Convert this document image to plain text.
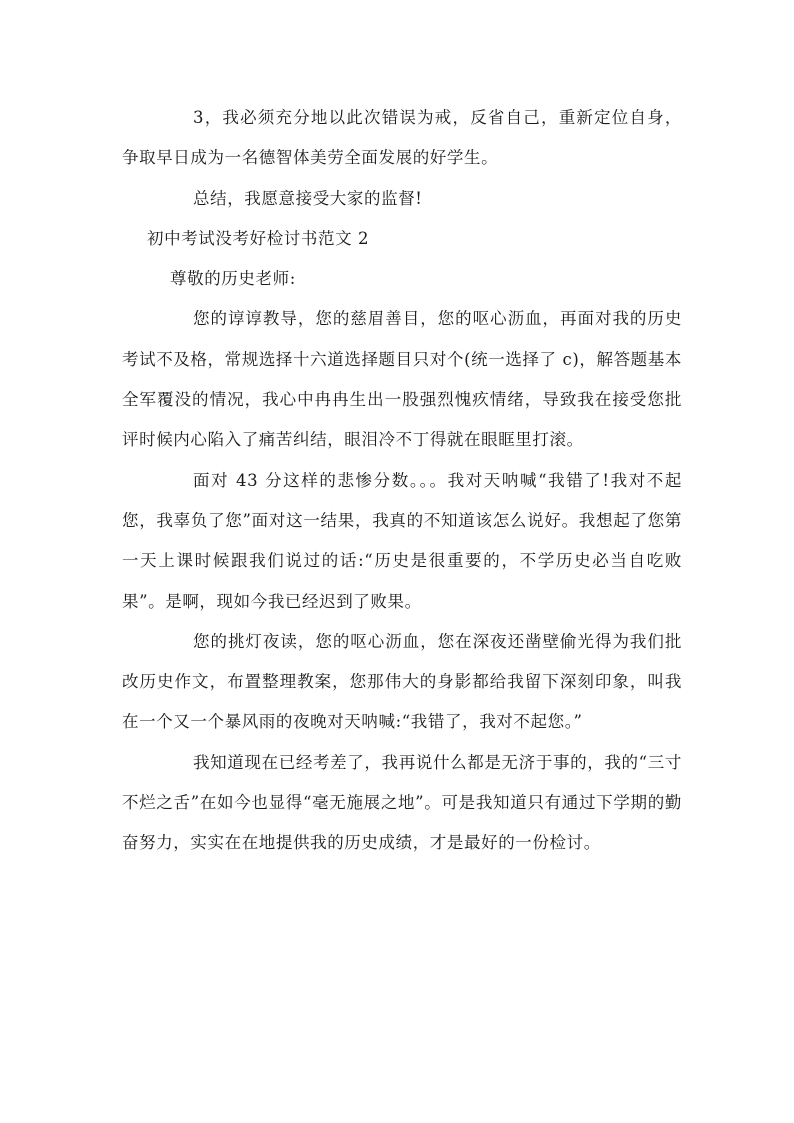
3，我必须充分地以此次错误为戒，反省自己，重新定位自身，争取早日成为一名德智体美劳全面发展的好学生。

总结，我愿意接受大家的监督!

初中考试没考好检讨书范文 2

尊敬的历史老师:

您的谆谆教导，您的慈眉善目，您的呕心沥血，再面对我的历史考试不及格，常规选择十六道选择题目只对个(统一选择了 c)，解答题基本全军覆没的情况，我心中冉冉生出一股强烈愧疚情绪，导致我在接受您批评时候内心陷入了痛苦纠结，眼泪冷不丁得就在眼眶里打滚。

面对 43 分这样的悲惨分数。。。我对天呐喊“我错了!我对不起您，我辜负了您”面对这一结果，我真的不知道该怎么说好。我想起了您第一天上课时候跟我们说过的话:“历史是很重要的，不学历史必当自吃败果”。是啊，现如今我已经迟到了败果。

您的挑灯夜读，您的呕心沥血，您在深夜还凿壁偷光得为我们批改历史作文，布置整理教案，您那伟大的身影都给我留下深刻印象，叫我在一个又一个暴风雨的夜晚对天呐喊:“我错了，我对不起您。”

我知道现在已经考差了，我再说什么都是无济于事的，我的“三寸不烂之舌”在如今也显得“毫无施展之地”。可是我知道只有通过下学期的勤奋努力，实实在在地提供我的历史成绩，才是最好的一份检讨。
